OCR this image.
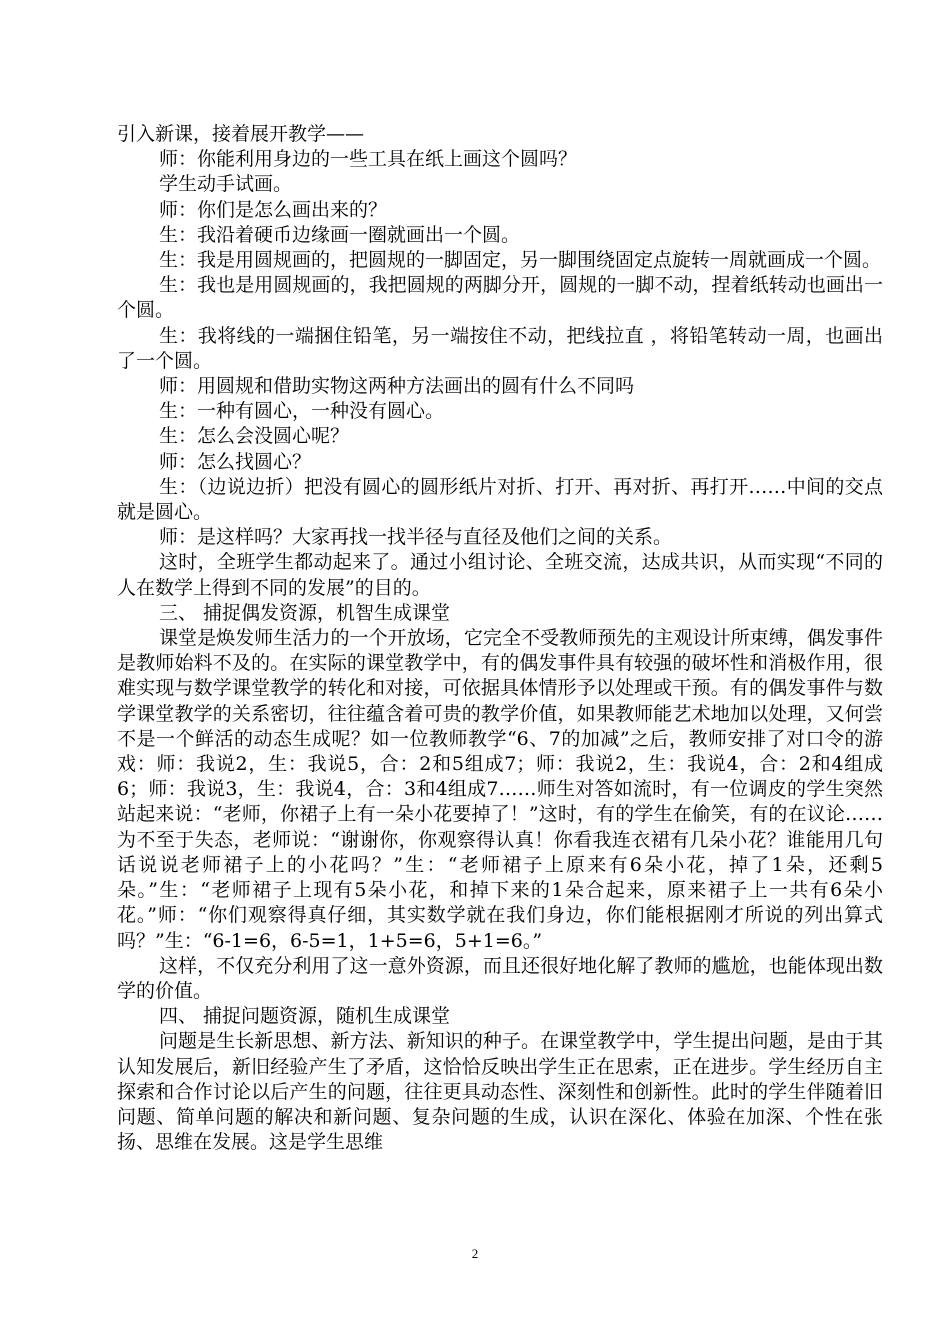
引入新课，接着展开教学——

师：你能利用身边的一些工具在纸上画这个圆吗？

学生动手试画。

师：你们是怎么画出来的？

生：我沿着硬币边缘画一圈就画出一个圆。

生：我是用圆规画的，把圆规的一脚固定，另一脚围绕固定点旋转一周就画成一个圆。

生：我也是用圆规画的，我把圆规的两脚分开，圆规的一脚不动，捏着纸转动也画出一个圆。

生：我将线的一端捆住铅笔，另一端按住不动，把线拉直 ，将铅笔转动一周，也画出了一个圆。

师：用圆规和借助实物这两种方法画出的圆有什么不同吗

生：一种有圆心，一种没有圆心。

生：怎么会没圆心呢？

师：怎么找圆心？

生：（边说边折）把没有圆心的圆形纸片对折、打开、再对折、再打开……中间的交点就是圆心。

师：是这样吗？大家再找一找半径与直径及他们之间的关系。

这时，全班学生都动起来了。通过小组讨论、全班交流，达成共识，从而实现“不同的人在数学上得到不同的发展”的目的。

三、 捕捉偶发资源，机智生成课堂

课堂是焕发师生活力的一个开放场，它完全不受教师预先的主观设计所束缚，偶发事件是教师始料不及的。在实际的课堂教学中，有的偶发事件具有较强的破坏性和消极作用，很难实现与数学课堂教学的转化和对接，可依据具体情形予以处理或干预。有的偶发事件与数学课堂教学的关系密切，往往蕴含着可贵的教学价值，如果教师能艺术地加以处理，又何尝不是一个鲜活的动态生成呢？如一位教师教学“6、7的加减”之后，教师安排了对口令的游戏：师：我说2，生：我说5，合：2和5组成7；师：我说2，生：我说4，合：2和4组成6；师：我说3，生：我说4，合：3和4组成7……师生对答如流时，有一位调皮的学生突然站起来说：“老师，你裙子上有一朵小花要掉了！”这时，有的学生在偷笑，有的在议论……为不至于失态，老师说：“谢谢你，你观察得认真！你看我连衣裙有几朵小花？谁能用几句话说说老师裙子上的小花吗？”生：“老师裙子上原来有6朵小花，掉了1朵，还剩5朵。”生：“老师裙子上现有5朵小花，和掉下来的1朵合起来，原来裙子上一共有6朵小花。”师：“你们观察得真仔细，其实数学就在我们身边，你们能根据刚才所说的列出算式吗？”生：“6-1=6，6-5=1，1+5=6，5+1=6。”

这样，不仅充分利用了这一意外资源，而且还很好地化解了教师的尴尬，也能体现出数学的价值。

四、 捕捉问题资源，随机生成课堂

问题是生长新思想、新方法、新知识的种子。在课堂教学中，学生提出问题，是由于其认知发展后，新旧经验产生了矛盾，这恰恰反映出学生正在思索，正在进步。学生经历自主探索和合作讨论以后产生的问题，往往更具动态性、深刻性和创新性。此时的学生伴随着旧问题、简单问题的解决和新问题、复杂问题的生成，认识在深化、体验在加深、个性在张扬、思维在发展。这是学生思维

2
